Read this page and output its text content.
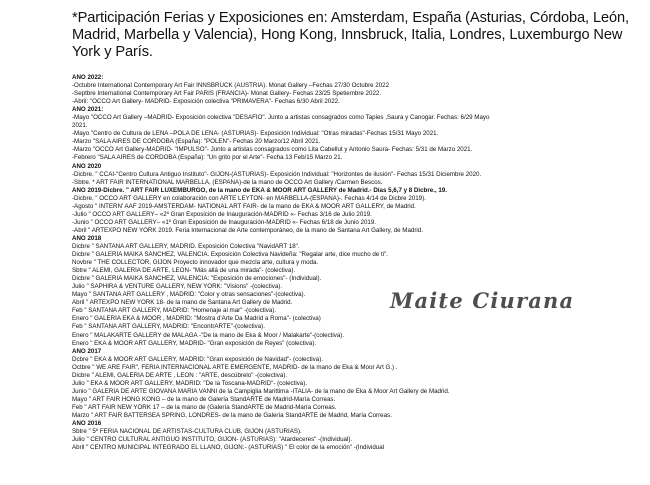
*Participación Ferias y Exposiciones en: Amsterdam, España (Asturias, Córdoba, León, Madrid, Marbella y Valencia), Hong Kong, Innsbruck, Italia, Londres, Luxemburgo New York y París.
AÑO 2022:
-Octubre International Contemporary Art Fair INNSBRUCK (AUSTRIA). Monat Gallery –Fechas 27/30 Octubre 2022
-Septbre International Contemporary Art Fair PARIS (FRANCIA)- Monat Gallery- Fechas 23/25 Spetiembre 2022.
-Abril: "OCCO Art Gallery- MADRID- Exposición colectiva "PRIMAVERA"- Fechas 6/30 Abril 2022.
AÑO 2021:
-Mayo "OCCO Art Gallery –MADRID- Exposición colectiva "DESAFÍO". Junto a artistas consagrados como Tapies ,Saura y Canogar. Fechas: 6/29 Mayo
2021.
-Mayo "Centro de Cultura de LENA –POLA DE LENA- (ASTURIAS)- Exposición Individual: "Otras miradas"-Fechas 15/31 Mayo 2021.
-Marzo "SALA AIRES DE CORDOBA (España): "POLEN"- Fechas 20 Marzo/12 Abril 2021.
-Marzo "OCCO Art Gallery-MADRID- "IMPULSO"- Junto a artistas consagrados como Lita Cabellut y Antonio Saura- Fechas: 5/31 de Marzo 2021.
-Febrero "SALA AIRES de CORDOBA (España): "Un grito por el Arte"- Fecha 13 Feb/15 Marzo 21.
AÑO 2020
-Dicbre. " CCAI-"Centro Cultura Antiguo Instituto"- GIJON-(ASTURIAS)- Exposición Individual: "Horizontes de ilusión"- Fechas 15/31 Diciembre 2020.
-Sbtre. * ART FAIR INTERNATIONAL MARBELLA, (ESPAÑA)-de la mano de OCCO Art Gallery /Carmen Bescos.
AÑO 2019-Dicbre. " ART FAIR LUXEMBURGO, de la mano de EKA & MOOR ART GALLERY de Madrid.- Días 5,6,7 y 8 Dicbre., 19.
-Dicbre. " OCCO ART GALLERY en colaboración con ARTE LEYTON- en MARBELLA-(ESPAÑA)-. Fechas 4/14 de Dicbre 2019).
-Agosto " INTERN' AAF 2019-AMSTERDAM- NATIONAL ART FAIR- de la mano de EKA & MOOR ART GALLERY, de Madrid.
-Julio " OCCO ART GALLERY– «2º Gran Exposición de Inauguración-MADRID «- Fechas 3/16 de Julio 2019.
-Junio " OCCO ART GALLERY– «1º Gran Exposición de Inauguración-MADRID «- Fechas 6/18 de Junio 2019.
-Abril " ARTEXPO NEW YORK 2019. Feria Internacional de Arte contemporáneo, de la mano de Santana Art Gallery, de Madrid.
AÑO 2018
Dicbre " SANTANA ART GALLERY, MADRID. Exposición Colectiva "NavidART 18".
Dicbre " GALERÍA MAIKA SÁNCHEZ, VALENCIA. Exposición Colectiva Navideña: "Regalar arte, dice mucho de ti".
Novbre " THE COLLECTOR, GIJÓN Proyecto innovador que mezcla arte, cultura y moda.
Sbtre " ALEMI, GALERÍA DE ARTE, LEÓN- "Más allá de una mirada"- (colectiva).
Dicbre " GALERIA MAIKA SÁNCHEZ, VALENCIA: "Exposición de emociones"- (Individual).
Julio " SAPHIRA & VENTURE GALLERY, NEW YORK: "Visions" -(colectiva).
Mayo " SANTANA ART GALLERY , MADRID: "Color y otras sensaciones"-(colectiva).
Abril " ARTEXPO NEW YORK 18- de la mano de Santana Art Gallery de Madrid.
Feb " SANTANA ART GALLERY, MADRID: "Homenaje al mar" -(colectiva).
Enero " GALERÍA EKA & MOOR , MADRID: "Mostra d'Arte Da Madrid a Roma"- (colectiva)
Feb " SANTANA ART GALLERY, MADRID: "EncontrARTE"-(colectiva).
Enero " MALAKARTE GALLERY de MÁLAGA -"De la mano de Eka & Moor / Malakarte"-(colectiva).
Enero " EKA & MOOR ART GALLERY, MADRID- "Gran exposición de Reyes" (colectiva).
AÑO 2017
Dcbre " EKA & MOOR ART GALLERY, MADRID: "Gran exposición de Navidad"- (colectiva).
Octbre " WE ARE FAIR", FERIA INTERNACIONAL ARTE EMERGENTE, MADRID- de la mano de Eka & Moor Art G.) .
Dicbre " ALEMI, GALERÍA DE ARTE , LEON : "ARTE, descúbrelo" -(colectiva).
Julio " EKA & MOOR ART GALLERY, MADRID: "De la Toscana-MADRID"- (colectiva).
Junio " GALERÍA DE ARTE GIOVANA MARIA VANNI de la Campiglia Marittima -ITALIA- de la mano de Eka & Moor Art Gallery de Madrid.
Mayo " ART FAIR HONG KONG – de la mano de Galería StandARTE de Madrid-María Correas.
Feb " ART FAIR NEW YORK 17 – de la mano de (Galería StandARTE de Madrid-María Correas.
Marzo " ART FAIR BATTERSEA SPRING, LONDRES- de la mano de Galería StandARTE de Madrid, María Correas.
AÑO 2016
Sbtre " 5º FERIA NACIONAL DE ARTISTAS-CULTURA CLUB, GIJON (ASTURIAS).
Julio " CENTRO CULTURAL ANTIGUO INSTITUTO, GIJÓN- (ASTURIAS): "Atardeceres" -(Individual).
Abril " CENTRO MUNICIPAL INTEGRADO EL LLANO, GIJÓN:- (ASTURIAS) " El color de la emoción" -(Individual
Maite Ciurana
